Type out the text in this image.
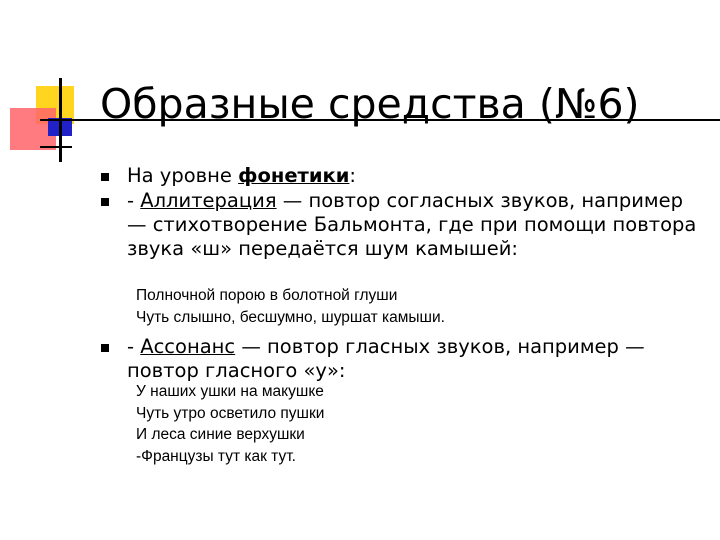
Образные средства (№6)

На уровне фонетики:

- Аллитерация — повтор согласных звуков, например — стихотворение Бальмонта, где при помощи повтора звука «ш» передаётся шум камышей:

Полночной порою в болотной глуши
Чуть слышно, бесшумно, шуршат камыши.

- Ассонанс — повтор гласных звуков, например — повтор гласного «у»:

У наших ушки на макушке
Чуть утро осветило пушки
И леса синие верхушки
-Французы тут как тут.
